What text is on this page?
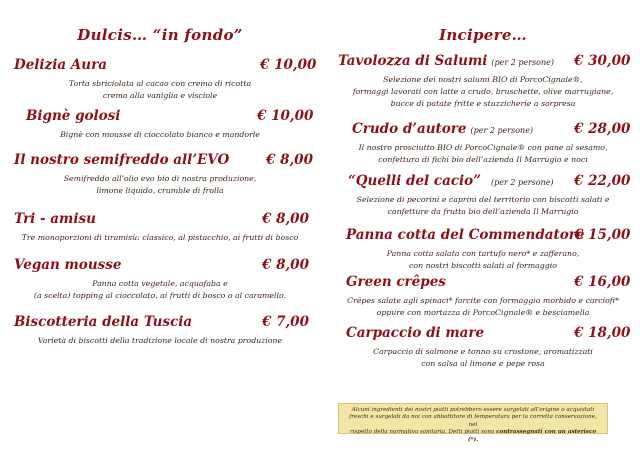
Dulcis… “in fondo”
Delizia Aura	€ 10,00
Torta sbriciolata al cacao con crema di ricotta
crema alla vaniglia e visciole
Bignè golosi	€ 10,00
Bignè con mousse di cioccolato bianco e mandorle
Il nostro semifreddo all’EVO	€ 8,00
Semifreddo all’olio evo bio di nostra produzione,
limone liquido, crumble di frolla
Tri - amisu	€ 8,00
Tre monoporzioni di tiramisù: classico, al pistacchio, ai frutti di bosco
Vegan mousse	€ 8,00
Panna cotta vegetale, acquafaba e
(a scelta) topping al cioccolato, ai frutti di bosco o al caramello.
Biscotteria della Tuscia	€ 7,00
Varietà di biscotti della tradizione locale di nostra produzione
Incipere…
Tavolozza di Salumi (per 2 persone) € 30,00
Selezione dei nostri salumi BIO di PorcoCignale®,
formaggi lavorati con latte a crudo, bruschette, olive marrugiane,
bucce di patate fritte e stuzzicherie a sorpresa
Crudo d’autore (per 2 persone)	€ 28,00
Il nostro prosciutto BIO di PorcoCignale® con pane al sesamo,
confettura di fichi bio dell’azienda Il Marrugio e noci
“Quelli del cacio” (per 2 persone) € 22,00
Selezione di pecorini e caprini del territorio con biscotti salati e
confetture da frutta bio dell’azienda Il Marrugio
Panna cotta del Commendatore
€ 15,00
Panna cotta salata con tartufo nero* e zafferano,
con nostri biscotti salati al formaggio
Green crêpes	€ 16,00
Crêpes salate agli spinaci* farcite con formaggio morbido e carciofi*
oppure con mortazza di PorcoCignale® e besciamella
Carpaccio di mare	€ 18,00
Carpaccio di salmone e tonno su crostone, aromatizzati
con salsa al limone e pepe rosa
Alcuni ingredienti dei nostri piatti potrebbero essere surgelati all’origine o acquistati
freschi e surgelati da noi con abbattitore di temperatura per la corretta conservazione, nel
rispetto della normativa sanitaria. Detti piatti sono contrassegnati con un asterisco (*).
